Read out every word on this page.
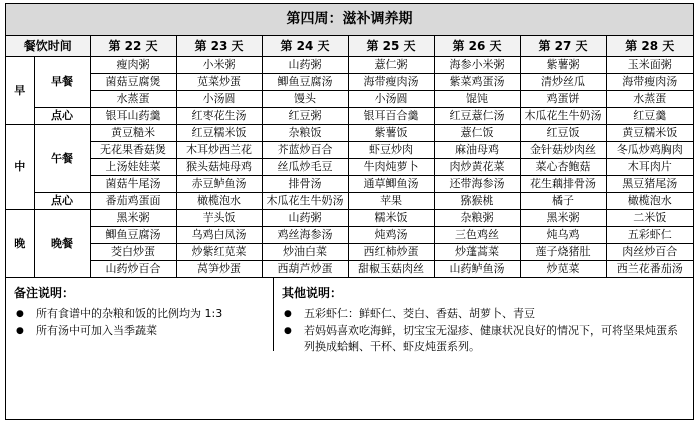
第四周：滋补调养期
餐饮时间		第 22 天	第 23 天	第 24 天	第 25 天	第 26 天	第 27 天	第 28 天
早	早餐	瘦肉粥	小米粥	山药粥	薏仁粥	海参小米粥	紫薯粥	玉米面粥
		菌菇豆腐煲	苋菜炒蛋	鲫鱼豆腐汤	海带瘦肉汤	紫菜鸡蛋汤	清炒丝瓜	海带瘦肉汤
		水蒸蛋	小汤圆	馒头	小汤圆	馄饨	鸡蛋饼	水蒸蛋
	点心	银耳山药羹	红枣花生汤	红豆粥	银耳百合羹	红豆薏仁汤	木瓜花生牛奶汤	红豆羹
中	午餐	黄豆糙米	红豆糯米饭	杂粮饭	紫薯饭	薏仁饭	红豆饭	黄豆糯米饭
		无花果香菇煲	木耳炒西兰花	芥蓝炒百合	虾豆炒肉	麻油母鸡	金针菇炒肉丝	冬瓜炒鸡胸肉
		上汤娃娃菜	猴头菇炖母鸡	丝瓜炒毛豆	牛肉炖萝卜	肉炒黄花菜	菜心杏鲍菇	木耳肉片
		菌菇牛尾汤	赤豆鲈鱼汤	排骨汤	通草鲫鱼汤	还带海参汤	花生藕排骨汤	黑豆猪尾汤
	点心	番茄鸡蛋面	橄榄泡水	木瓜花生牛奶汤	苹果	猕猴桃	橘子	橄榄泡水
晚	晚餐	黑米粥	芋头饭	山药粥	糯米饭	杂粮粥	黑米粥	二米饭
		鲫鱼豆腐汤	乌鸡白凤汤	鸡丝海参汤	炖鸡汤	三色鸡丝	炖乌鸡	五彩虾仁
		茭白炒蛋	炒紫红苋菜	炒油白菜	西红柿炒蛋	炒蓬蒿菜	莲子烧猪肚	肉丝炒百合
		山药炒百合	莴笋炒蛋	西葫芦炒蛋	甜椒玉菇肉丝	山药鲈鱼汤	炒苋菜	西兰花番茄汤
备注说明：
● 所有食谱中的杂粮和饭的比例均为 1:3
● 所有汤中可加入当季蔬菜
其他说明：
● 五彩虾仁：鲜虾仁、茭白、香菇、胡萝卜、青豆
● 若妈妈喜欢吃海鲜，切宝宝无湿疹、健康状况良好的情况下，可将坚果炖蛋系列换成蛤蜊、干杯、虾皮炖蛋系列。
